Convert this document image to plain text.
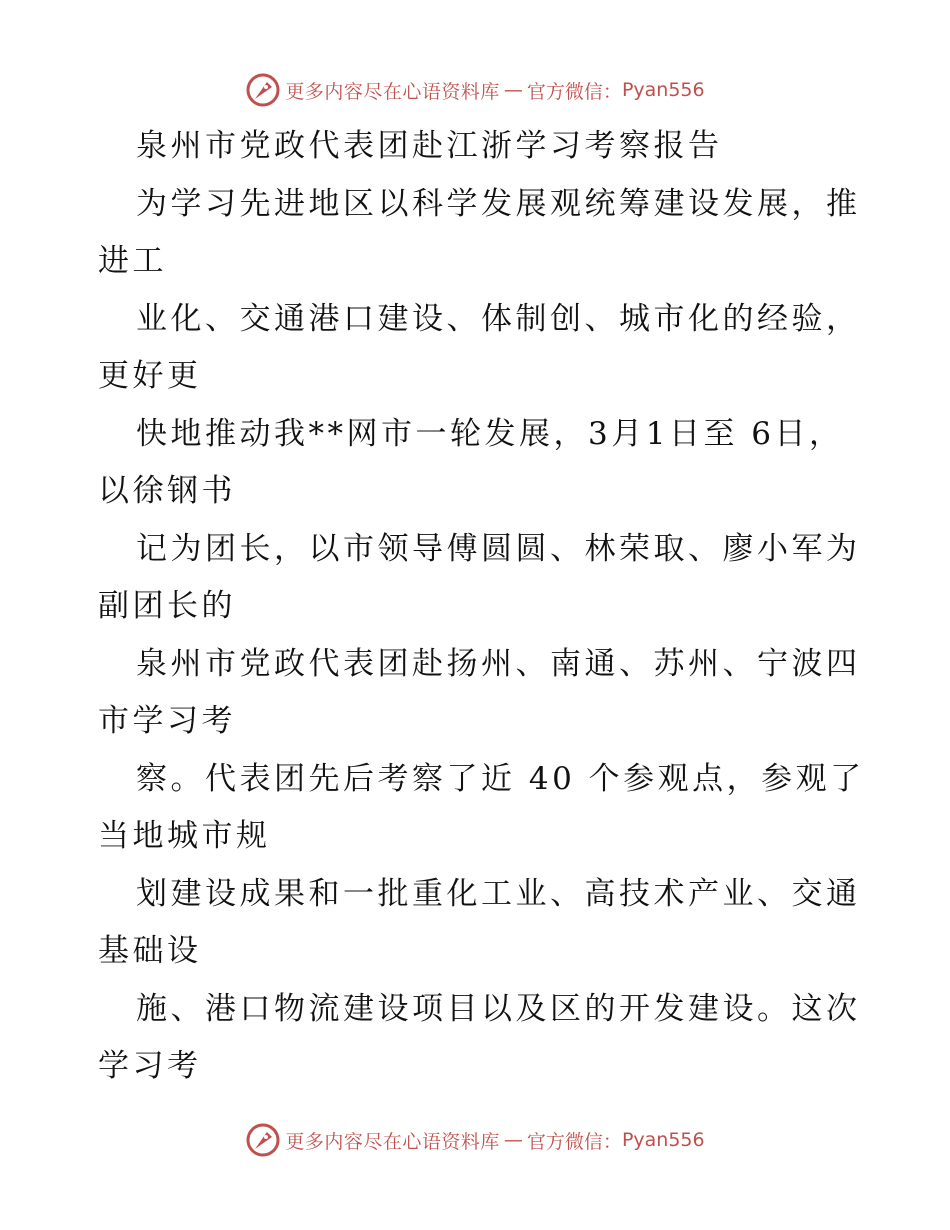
更多内容尽在心语资料库 — 官方微信： Pyan556
泉州市党政代表团赴江浙学习考察报告
为学习先进地区以科学发展观统筹建设发展，推
进工
业化、交通港口建设、体制创、城市化的经验，
更好更
快地推动我**网市一轮发展，3月1日至 6日，
以徐钢书
记为团长，以市领导傅圆圆、林荣取、廖小军为
副团长的
泉州市党政代表团赴扬州、南通、苏州、宁波四
市学习考
察。代表团先后考察了近 40 个参观点，参观了
当地城市规
划建设成果和一批重化工业、高技术产业、交通
基础设
施、港口物流建设项目以及区的开发建设。这次
学习考
更多内容尽在心语资料库 — 官方微信： Pyan556
